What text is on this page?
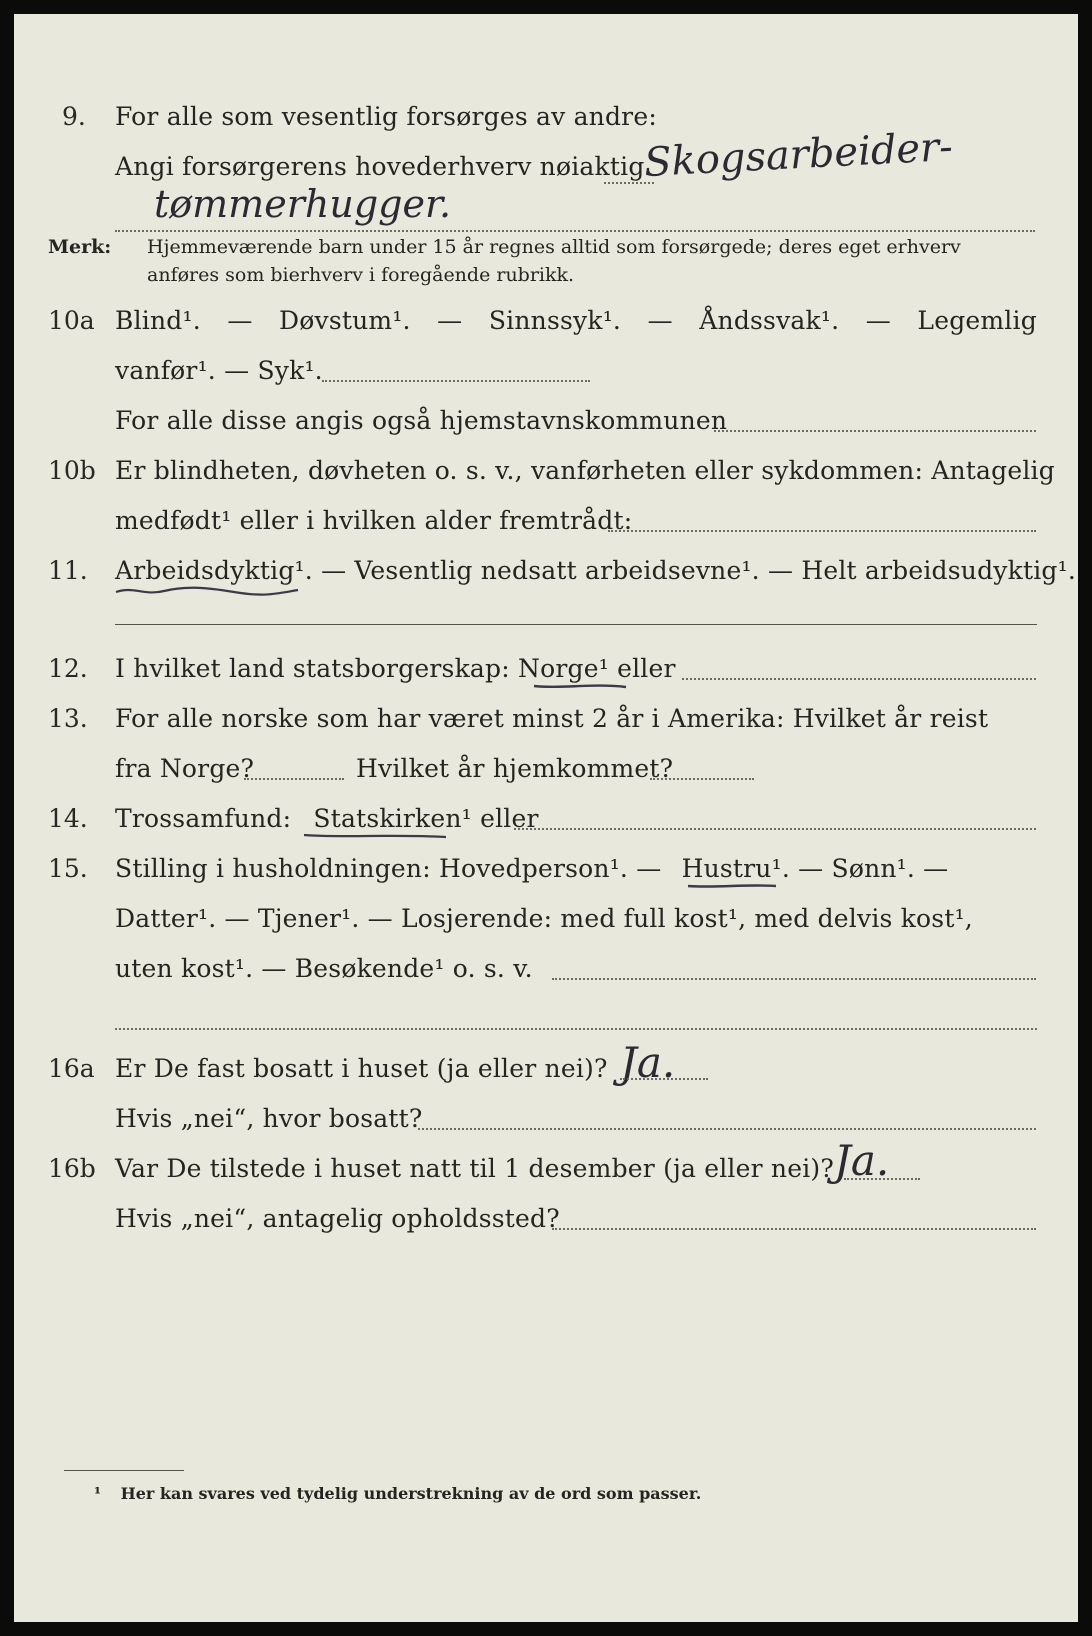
9. For alle som vesentlig forsørges av andre:
Angi forsørgerens hovederhverv nøiaktig
Skogsarbeider-
tømmerhugger.
Merk: Hjemmeværende barn under 15 år regnes alltid som forsørgede; deres eget erhverv
anføres som bierhverv i foregående rubrikk.
10a Blind¹. — Døvstum¹. — Sinnssyk¹. — Åndssvak¹. — Legemlig
vanfør¹. — Syk¹.
For alle disse angis også hjemstavnskommunen
10b Er blindheten, døvheten o. s. v., vanførheten eller sykdommen: Antagelig
medfødt¹ eller i hvilken alder fremtrådt:
11. Arbeidsdyktig¹. — Vesentlig nedsatt arbeidsevne¹. — Helt arbeidsudyktig¹.
12. I hvilket land statsborgerskap: Norge¹ eller
13. For alle norske som har været minst 2 år i Amerika: Hvilket år reist
fra Norge?	Hvilket år hjemkommet?
14. Trossamfund: Statskirken¹ eller
15. Stilling i husholdningen: Hovedperson¹. — Hustru¹. — Sønn¹. —
Datter¹. — Tjener¹. — Losjerende: med full kost¹, med delvis kost¹,
uten kost¹. — Besøkende¹ o. s. v.
16a Er De fast bosatt i huset (ja eller nei)? Ja.
Hvis „nei“, hvor bosatt?
16b Var De tilstede i huset natt til 1 desember (ja eller nei)? Ja.
Hvis „nei“, antagelig opholdssted?
¹ Her kan svares ved tydelig understrekning av de ord som passer.
